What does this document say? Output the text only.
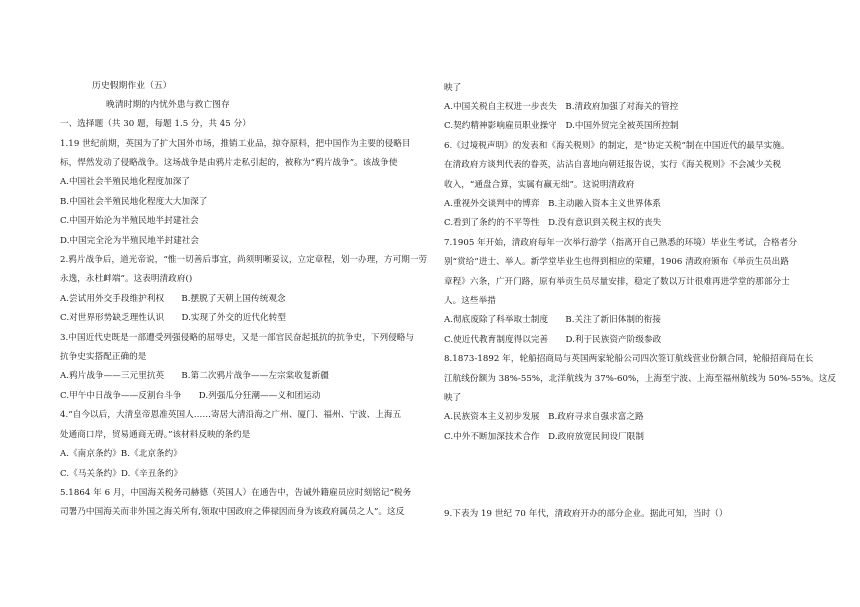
历史假期作业（五）
晚清时期的内忧外患与救亡图存
一、选择题（共 30 题，每题 1.5 分，共 45 分）
1.19 世纪前期，英国为了扩大国外市场，推销工业品，掠夺原料，把中国作为主要的侵略目
标，悍然发动了侵略战争。这场战争是由鸦片走私引起的，被称为“鸦片战争”。该战争使
A.中国社会半殖民地化程度加深了
B.中国社会半殖民地化程度大大加深了
C.中国开始沦为半殖民地半封建社会
D.中国完全沦为半殖民地半封建社会
2.鸦片战争后，道光帝说，“惟一切善后事宜，尚须明晰妥议，立定章程，划一办理，方可期一劳
永逸，永杜衅端”。这表明清政府()
A.尝试用外交手段维护利权　　B.摆脱了天朝上国传统观念
C.对世界形势缺乏理性认识　　D.实现了外交的近代化转型
3.中国近代史既是一部遭受列强侵略的屈辱史，又是一部官民奋起抵抗的抗争史，下列侵略与
抗争史实搭配正确的是
A.鸦片战争——三元里抗英　　B.第二次鸦片战争——左宗棠收复新疆
C.甲午中日战争——反割台斗争　　D.列强瓜分狂潮——义和团运动
4.“自今以后，大清皇帝恩准英国人……寄居大清沿海之广州、厦门、福州、宁波、上海五
处通商口岸，贸易通商无碍。”该材料反映的条约是
A.《南京条约》B.《北京条约》
C.《马关条约》D.《辛丑条约》
5.1864 年 6 月，中国海关税务司赫德（英国人）在通告中，告诫外籍雇员应时刻铭记“税务
司署乃中国海关而非外国之海关所有,领取中国政府之俸禄因而身为该政府属员之人”。这反
映了
A.中国关税自主权进一步丧失　B.清政府加强了对海关的管控
C.契约精神影响雇员职业操守　D.中国外贸完全被英国所控制
6.《过境税声明》的发表和《海关税则》的制定，是“协定关税”制在中国近代的最早实施。
在清政府方谈判代表的眷英，沾沾自喜地向朝廷报告说，实行《海关税则》不会减少关税
收入，“通盘合算，实属有赢无绌”。这说明清政府
A.重视外交谈判中的博弈　B.主动融入资本主义世界体系
C.看到了条约的不平等性　D.没有意识到关税主权的丧失
7.1905 年开始，清政府每年一次举行游学（指离开自己熟悉的环境）毕业生考试，合格者分
别“赏给”进士、举人。新学堂毕业生也得到相应的荣耀，1906 清政府颁布《举贡生员出路
章程》六条，广开门路，原有举贡生员尽量安排，稳定了数以万计很难再进学堂的那部分士
人。这些举措
A.彻底废除了科举取士制度　　B.关注了新旧体制的衔接
C.使近代教育制度得以完善　　D.利于民族资产阶级参政
8.1873-1892 年，轮船招商局与英国两家轮船公司四次签订航线营业份额合同，轮船招商局在长
江航线份额为 38%-55%，北洋航线为 37%-60%，上海至宁波、上海至福州航线为 50%-55%。这反
映了
A.民族资本主义初步发展　B.政府寻求自强求富之路
C.中外不断加深技术合作　D.政府放宽民间设厂限制
9.下表为 19 世纪 70 年代，清政府开办的部分企业。据此可知，当时（）
